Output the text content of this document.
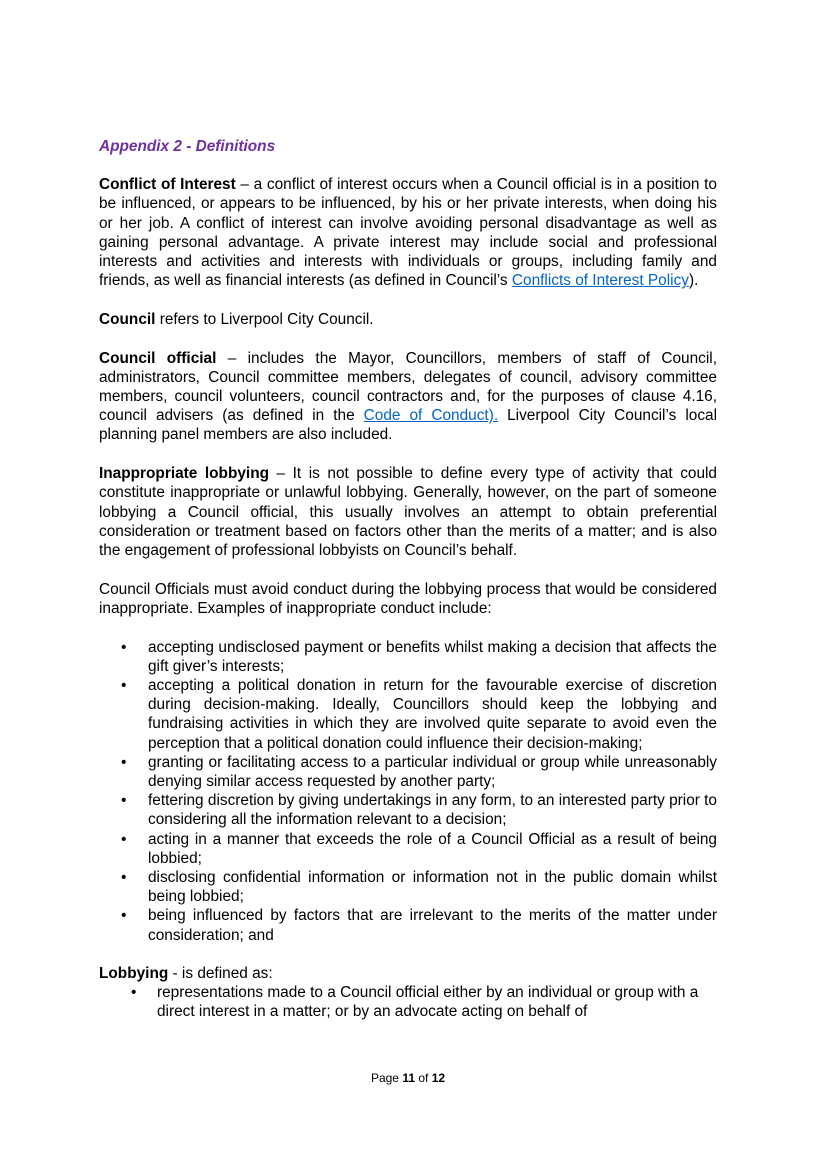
Appendix 2 - Definitions

Conflict of Interest – a conflict of interest occurs when a Council official is in a position to be influenced, or appears to be influenced, by his or her private interests, when doing his or her job. A conflict of interest can involve avoiding personal disadvantage as well as gaining personal advantage. A private interest may include social and professional interests and activities and interests with individuals or groups, including family and friends, as well as financial interests (as defined in Council’s Conflicts of Interest Policy).

Council refers to Liverpool City Council.

Council official – includes the Mayor, Councillors, members of staff of Council, administrators, Council committee members, delegates of council, advisory committee members, council volunteers, council contractors and, for the purposes of clause 4.16, council advisers (as defined in the Code of Conduct). Liverpool City Council’s local planning panel members are also included.

Inappropriate lobbying – It is not possible to define every type of activity that could constitute inappropriate or unlawful lobbying. Generally, however, on the part of someone lobbying a Council official, this usually involves an attempt to obtain preferential consideration or treatment based on factors other than the merits of a matter; and is also the engagement of professional lobbyists on Council’s behalf.

Council Officials must avoid conduct during the lobbying process that would be considered inappropriate. Examples of inappropriate conduct include:

• accepting undisclosed payment or benefits whilst making a decision that affects the gift giver’s interests;
• accepting a political donation in return for the favourable exercise of discretion during decision-making. Ideally, Councillors should keep the lobbying and fundraising activities in which they are involved quite separate to avoid even the perception that a political donation could influence their decision-making;
• granting or facilitating access to a particular individual or group while unreasonably denying similar access requested by another party;
• fettering discretion by giving undertakings in any form, to an interested party prior to considering all the information relevant to a decision;
• acting in a manner that exceeds the role of a Council Official as a result of being lobbied;
• disclosing confidential information or information not in the public domain whilst being lobbied;
• being influenced by factors that are irrelevant to the merits of the matter under consideration; and

Lobbying - is defined as:

• representations made to a Council official either by an individual or group with a direct interest in a matter; or by an advocate acting on behalf of
Page 11 of 12
